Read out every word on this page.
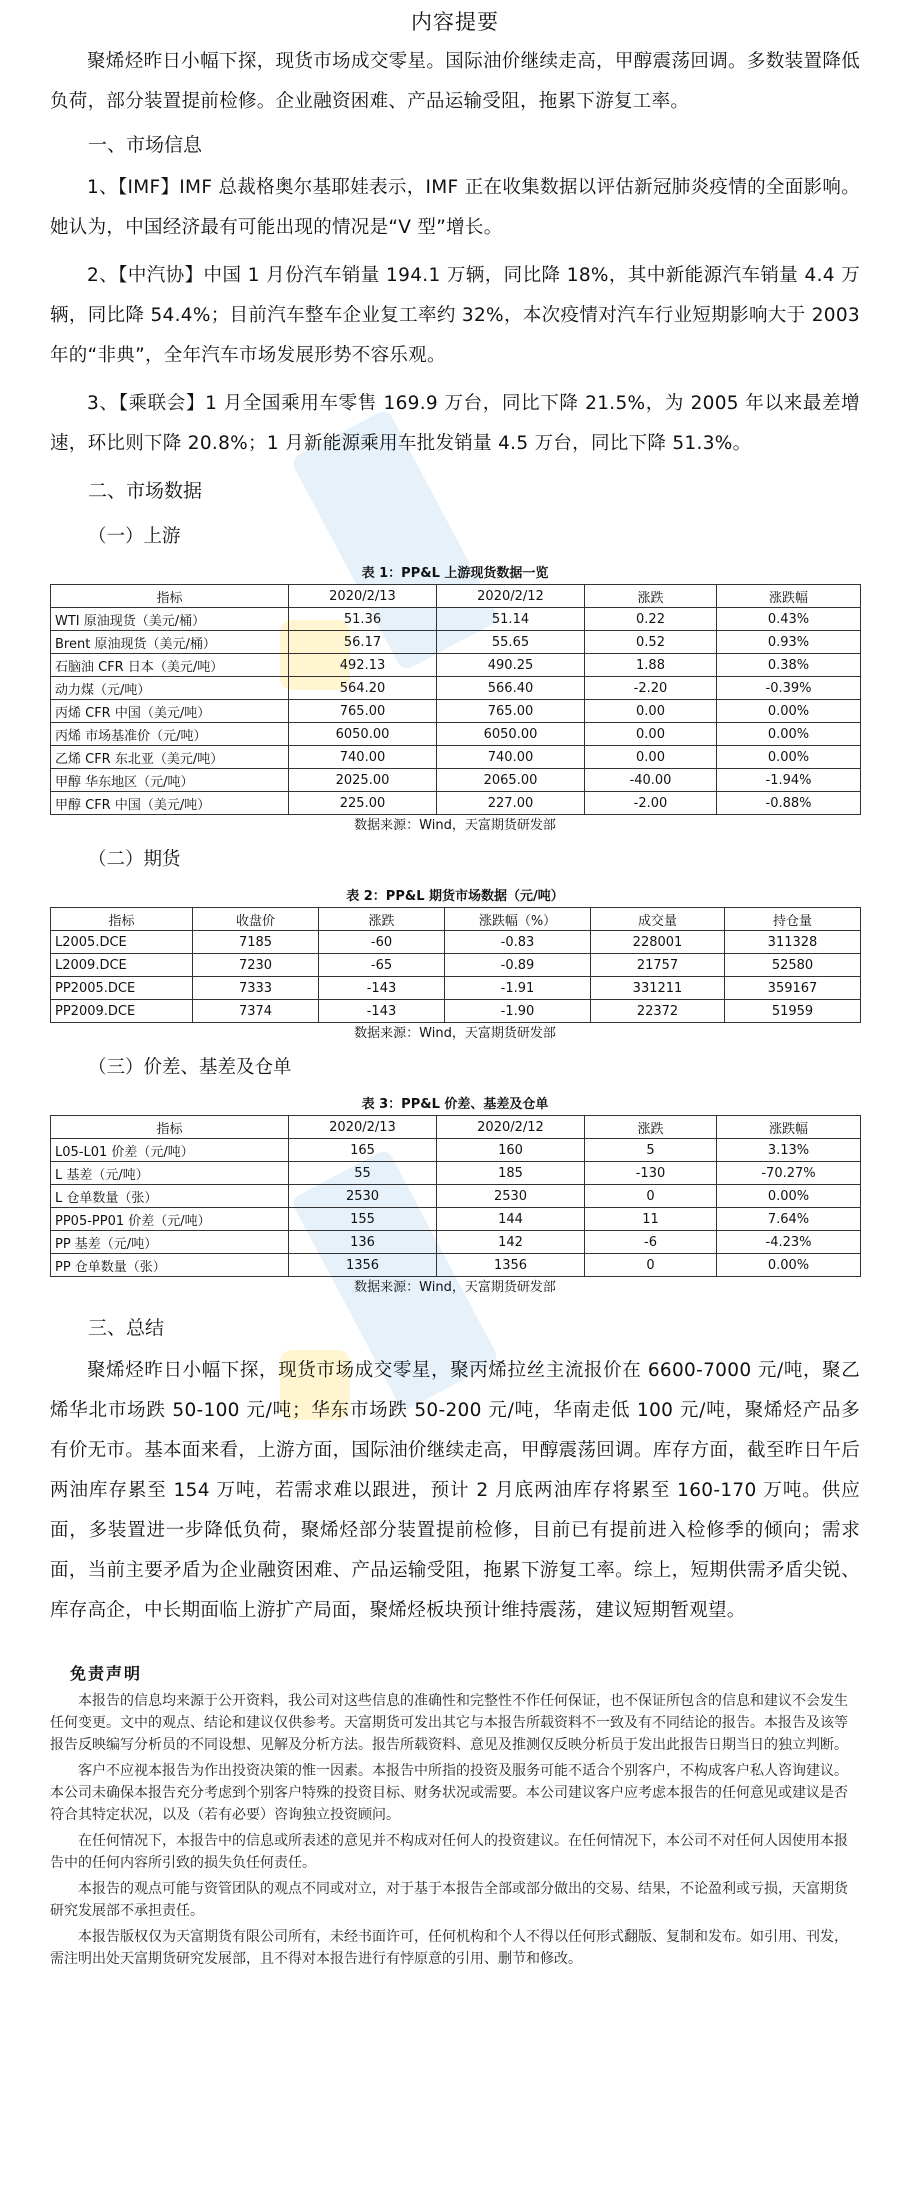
内容提要

聚烯烃昨日小幅下探，现货市场成交零星。国际油价继续走高，甲醇震荡回调。多数装置降低负荷，部分装置提前检修。企业融资困难、产品运输受阻，拖累下游复工率。

一、市场信息

1、【IMF】IMF 总裁格奥尔基耶娃表示，IMF 正在收集数据以评估新冠肺炎疫情的全面影响。她认为，中国经济最有可能出现的情况是“V 型”增长。

2、【中汽协】中国 1 月份汽车销量 194.1 万辆，同比降 18%，其中新能源汽车销量 4.4 万辆，同比降 54.4%；目前汽车整车企业复工率约 32%，本次疫情对汽车行业短期影响大于 2003 年的“非典”，全年汽车市场发展形势不容乐观。

3、【乘联会】1 月全国乘用车零售 169.9 万台，同比下降 21.5%，为 2005 年以来最差增速，环比则下降 20.8%；1 月新能源乘用车批发销量 4.5 万台，同比下降 51.3%。

二、市场数据
（一）上游
表 1：PP&L 上游现货数据一览
指标	2020/2/13	2020/2/12	涨跌	涨跌幅
WTI 原油现货（美元/桶）	51.36	51.14	0.22	0.43%
Brent 原油现货（美元/桶）	56.17	55.65	0.52	0.93%
石脑油 CFR 日本（美元/吨）	492.13	490.25	1.88	0.38%
动力煤（元/吨）	564.20	566.40	-2.20	-0.39%
丙烯 CFR 中国（美元/吨）	765.00	765.00	0.00	0.00%
丙烯 市场基准价（元/吨）	6050.00	6050.00	0.00	0.00%
乙烯 CFR 东北亚（美元/吨）	740.00	740.00	0.00	0.00%
甲醇 华东地区（元/吨）	2025.00	2065.00	-40.00	-1.94%
甲醇 CFR 中国（美元/吨）	225.00	227.00	-2.00	-0.88%
数据来源：Wind，天富期货研发部
（二）期货
表 2：PP&L 期货市场数据（元/吨）
指标	收盘价	涨跌	涨跌幅（%）	成交量	持仓量
L2005.DCE	7185	-60	-0.83	228001	311328
L2009.DCE	7230	-65	-0.89	21757	52580
PP2005.DCE	7333	-143	-1.91	331211	359167
PP2009.DCE	7374	-143	-1.90	22372	51959
数据来源：Wind，天富期货研发部
（三）价差、基差及仓单
表 3：PP&L 价差、基差及仓单
指标	2020/2/13	2020/2/12	涨跌	涨跌幅
L05-L01 价差（元/吨）	165	160	5	3.13%
L 基差（元/吨）	55	185	-130	-70.27%
L 仓单数量（张）	2530	2530	0	0.00%
PP05-PP01 价差（元/吨）	155	144	11	7.64%
PP 基差（元/吨）	136	142	-6	-4.23%
PP 仓单数量（张）	1356	1356	0	0.00%
数据来源：Wind，天富期货研发部
三、总结

聚烯烃昨日小幅下探，现货市场成交零星，聚丙烯拉丝主流报价在 6600-7000 元/吨，聚乙烯华北市场跌 50-100 元/吨；华东市场跌 50-200 元/吨，华南走低 100 元/吨，聚烯烃产品多有价无市。基本面来看，上游方面，国际油价继续走高，甲醇震荡回调。库存方面，截至昨日午后两油库存累至 154 万吨，若需求难以跟进，预计 2 月底两油库存将累至 160-170 万吨。供应面，多装置进一步降低负荷，聚烯烃部分装置提前检修，目前已有提前进入检修季的倾向；需求面，当前主要矛盾为企业融资困难、产品运输受阻，拖累下游复工率。综上，短期供需矛盾尖锐、库存高企，中长期面临上游扩产局面，聚烯烃板块预计维持震荡，建议短期暂观望。

免责声明

本报告的信息均来源于公开资料，我公司对这些信息的准确性和完整性不作任何保证，也不保证所包含的信息和建议不会发生任何变更。文中的观点、结论和建议仅供参考。天富期货可发出其它与本报告所载资料不一致及有不同结论的报告。本报告及该等报告反映编写分析员的不同设想、见解及分析方法。报告所载资料、意见及推测仅反映分析员于发出此报告日期当日的独立判断。

客户不应视本报告为作出投资决策的惟一因素。本报告中所指的投资及服务可能不适合个别客户，不构成客户私人咨询建议。本公司未确保本报告充分考虑到个别客户特殊的投资目标、财务状况或需要。本公司建议客户应考虑本报告的任何意见或建议是否符合其特定状况，以及（若有必要）咨询独立投资顾问。

在任何情况下，本报告中的信息或所表述的意见并不构成对任何人的投资建议。在任何情况下，本公司不对任何人因使用本报告中的任何内容所引致的损失负任何责任。

本报告的观点可能与资管团队的观点不同或对立，对于基于本报告全部或部分做出的交易、结果，不论盈利或亏损，天富期货研究发展部不承担责任。

本报告版权仅为天富期货有限公司所有，未经书面许可，任何机构和个人不得以任何形式翻版、复制和发布。如引用、刊发，需注明出处天富期货研究发展部，且不得对本报告进行有悖原意的引用、删节和修改。
